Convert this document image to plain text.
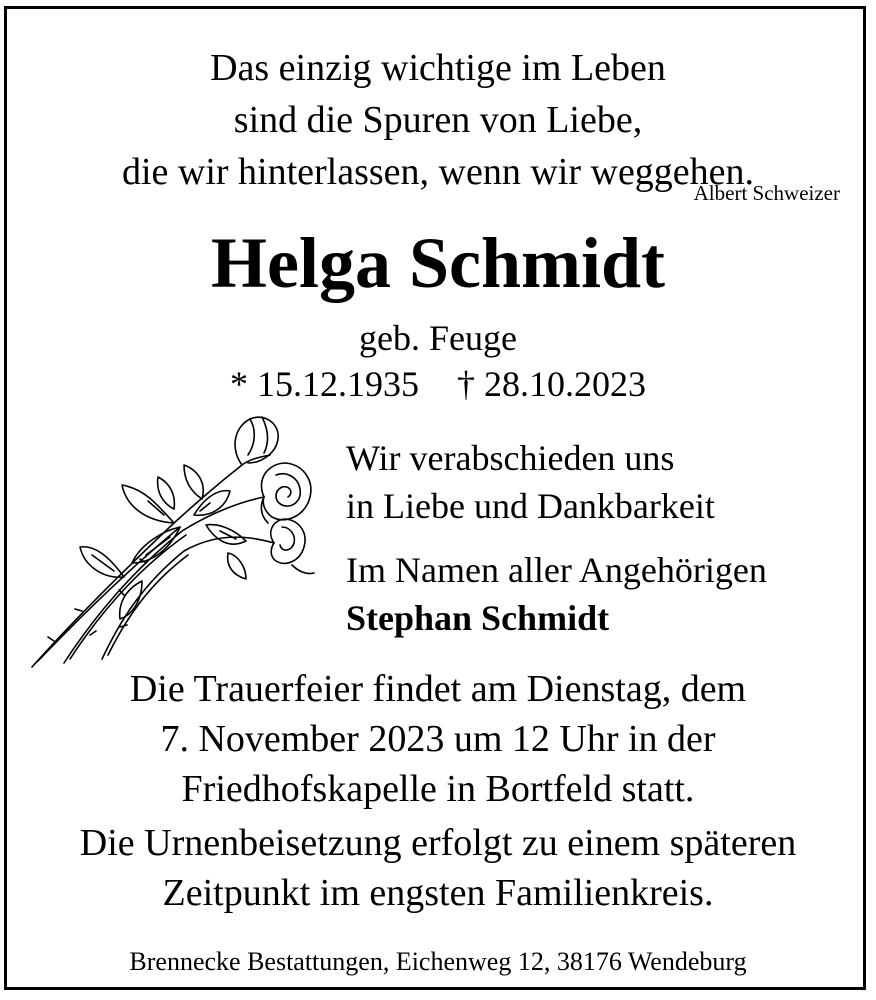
Das einzig wichtige im Leben
sind die Spuren von Liebe,
die wir hinterlassen, wenn wir weggehen.
Albert Schweizer
Helga Schmidt
geb. Feuge
* 15.12.1935 † 28.10.2023
Wir verabschieden uns
in Liebe und Dankbarkeit
Im Namen aller Angehörigen
Stephan Schmidt
Die Trauerfeier findet am Dienstag, dem
7. November 2023 um 12 Uhr in der
Friedhofskapelle in Bortfeld statt.
Die Urnenbeisetzung erfolgt zu einem späteren
Zeitpunkt im engsten Familienkreis.
Brennecke Bestattungen, Eichenweg 12, 38176 Wendeburg
